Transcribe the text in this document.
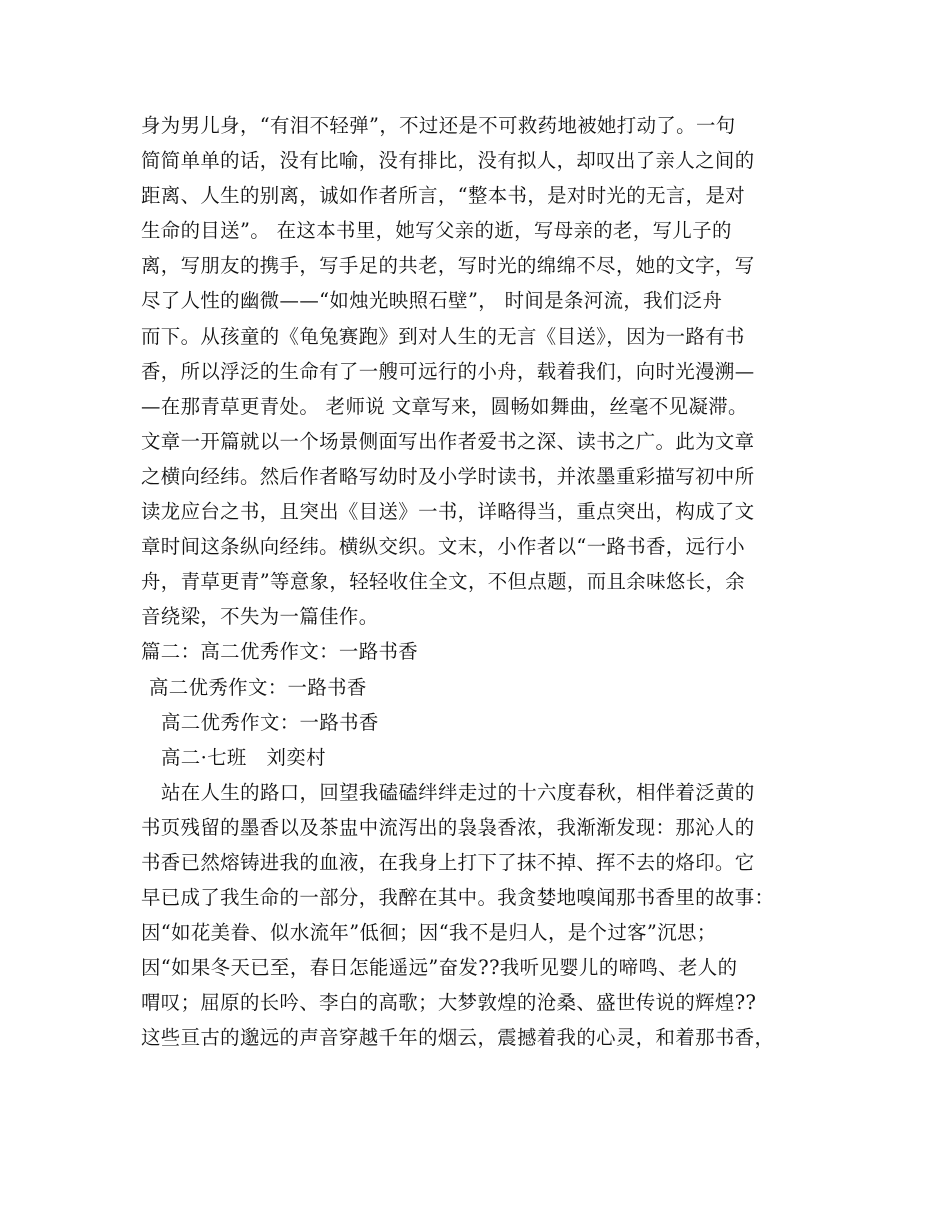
身为男儿身，“有泪不轻弹”，不过还是不可救药地被她打动了。一句
简简单单的话，没有比喻，没有排比，没有拟人，却叹出了亲人之间的
距离、人生的别离，诚如作者所言，“整本书，是对时光的无言，是对
生命的目送”。 在这本书里，她写父亲的逝，写母亲的老，写儿子的
离，写朋友的携手，写手足的共老，写时光的绵绵不尽，她的文字，写
尽了人性的幽微——“如烛光映照石壁”， 时间是条河流，我们泛舟
而下。从孩童的《龟兔赛跑》到对人生的无言《目送》，因为一路有书
香，所以浮泛的生命有了一艘可远行的小舟，载着我们，向时光漫溯—
—在那青草更青处。 老师说 文章写来，圆畅如舞曲，丝毫不见凝滞。
文章一开篇就以一个场景侧面写出作者爱书之深、读书之广。此为文章
之横向经纬。然后作者略写幼时及小学时读书，并浓墨重彩描写初中所
读龙应台之书，且突出《目送》一书，详略得当，重点突出，构成了文
章时间这条纵向经纬。横纵交织。文末，小作者以“一路书香，远行小
舟，青草更青”等意象，轻轻收住全文，不但点题，而且余味悠长，余
音绕梁，不失为一篇佳作。
篇二：高二优秀作文：一路书香
高二优秀作文：一路书香
高二优秀作文：一路书香
高二·七班　刘奕村
站在人生的路口，回望我磕磕绊绊走过的十六度春秋，相伴着泛黄的
书页残留的墨香以及茶盅中流泻出的袅袅香浓，我渐渐发现：那沁人的
书香已然熔铸进我的血液，在我身上打下了抹不掉、挥不去的烙印。它
早已成了我生命的一部分，我醉在其中。我贪婪地嗅闻那书香里的故事：
因“如花美眷、似水流年”低徊；因“我不是归人，是个过客”沉思；
因“如果冬天已至，春日怎能遥远”奋发??我听见婴儿的啼鸣、老人的
喟叹；屈原的长吟、李白的高歌；大梦敦煌的沧桑、盛世传说的辉煌??
这些亘古的邈远的声音穿越千年的烟云，震撼着我的心灵，和着那书香，
